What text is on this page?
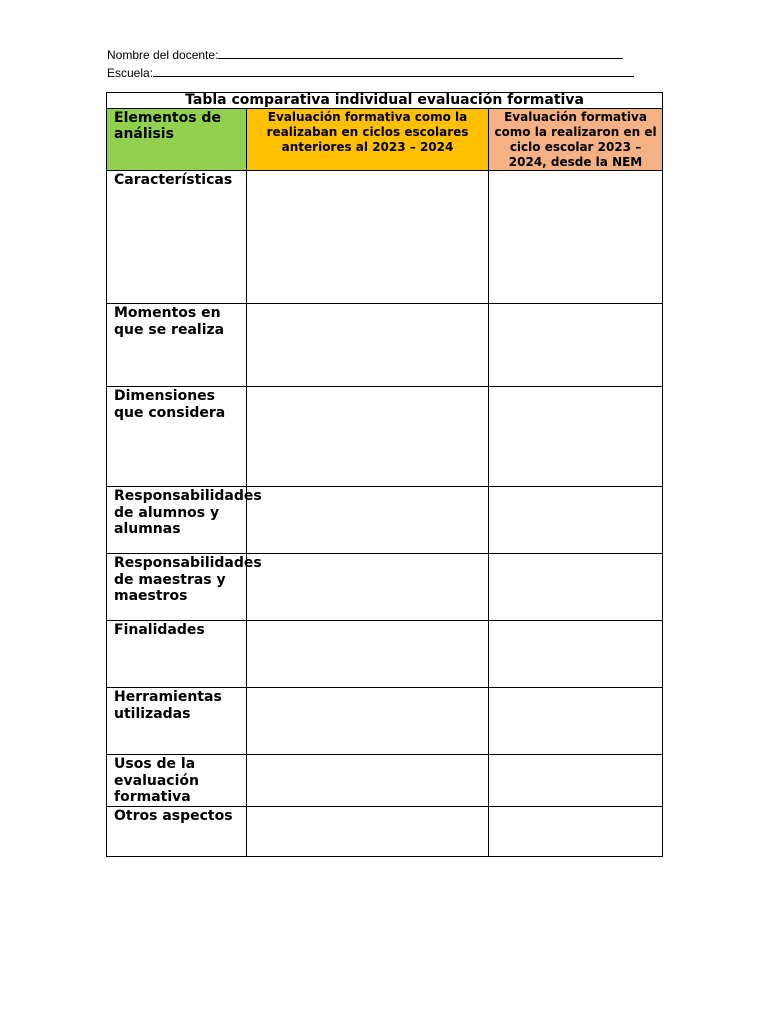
Nombre del docente:
Escuela:
Tabla comparativa individual evaluación formativa		
Elementos de análisis	Evaluación formativa como la realizaban en ciclos escolares anteriores al 2023 – 2024	Evaluación formativa como la realizaron en el ciclo escolar 2023 – 2024, desde la NEM
Características		
Momentos en que se realiza		
Dimensiones que considera		
Responsabilidades de alumnos y alumnas		
Responsabilidades de maestras y maestros		
Finalidades		
Herramientas utilizadas		
Usos de la evaluación formativa		
Otros aspectos		
